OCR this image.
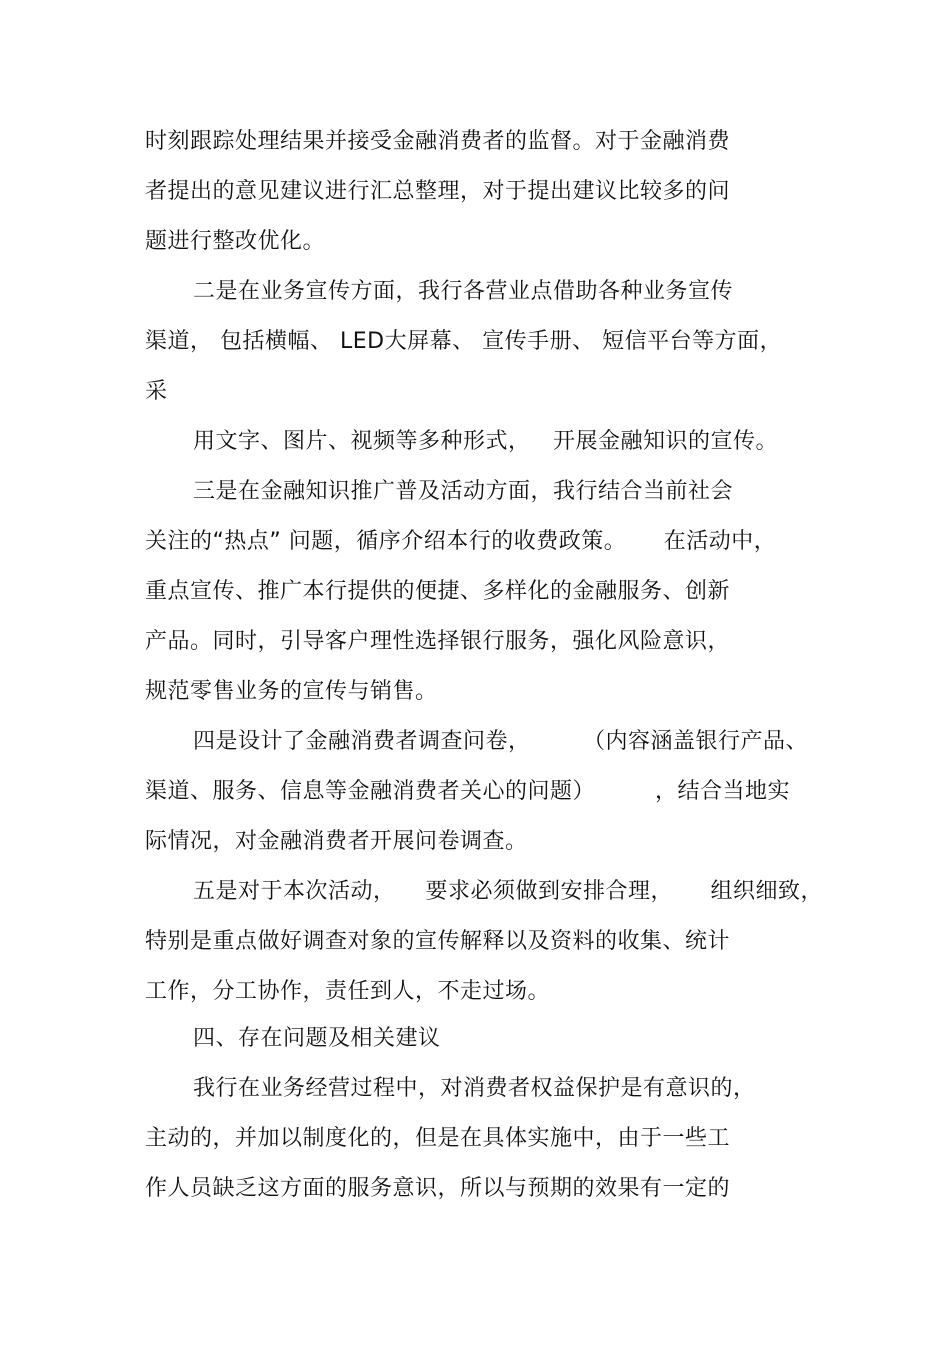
时刻跟踪处理结果并接受金融消费者的监督。对于金融消费
者提出的意见建议进行汇总整理，对于提出建议比较多的问
题进行整改优化。
二是在业务宣传方面，我行各营业点借助各种业务宣传
渠道， 包括横幅、 LED大屏幕、 宣传手册、 短信平台等方面，
采
用文字、图片、视频等多种形式，   开展金融知识的宣传。
三是在金融知识推广普及活动方面，我行结合当前社会
关注的“热点” 问题，循序介绍本行的收费政策。     在活动中，
重点宣传、推广本行提供的便捷、多样化的金融服务、创新
产品。同时，引导客户理性选择银行服务，强化风险意识，
规范零售业务的宣传与销售。
四是设计了金融消费者调查问卷，       （内容涵盖银行产品、
渠道、服务、信息等金融消费者关心的问题）        ，结合当地实
际情况，对金融消费者开展问卷调查。
五是对于本次活动，    要求必须做到安排合理，     组织细致，
特别是重点做好调查对象的宣传解释以及资料的收集、统计
工作，分工协作，责任到人，不走过场。
四、存在问题及相关建议
我行在业务经营过程中，对消费者权益保护是有意识的，
主动的，并加以制度化的，但是在具体实施中，由于一些工
作人员缺乏这方面的服务意识，所以与预期的效果有一定的
